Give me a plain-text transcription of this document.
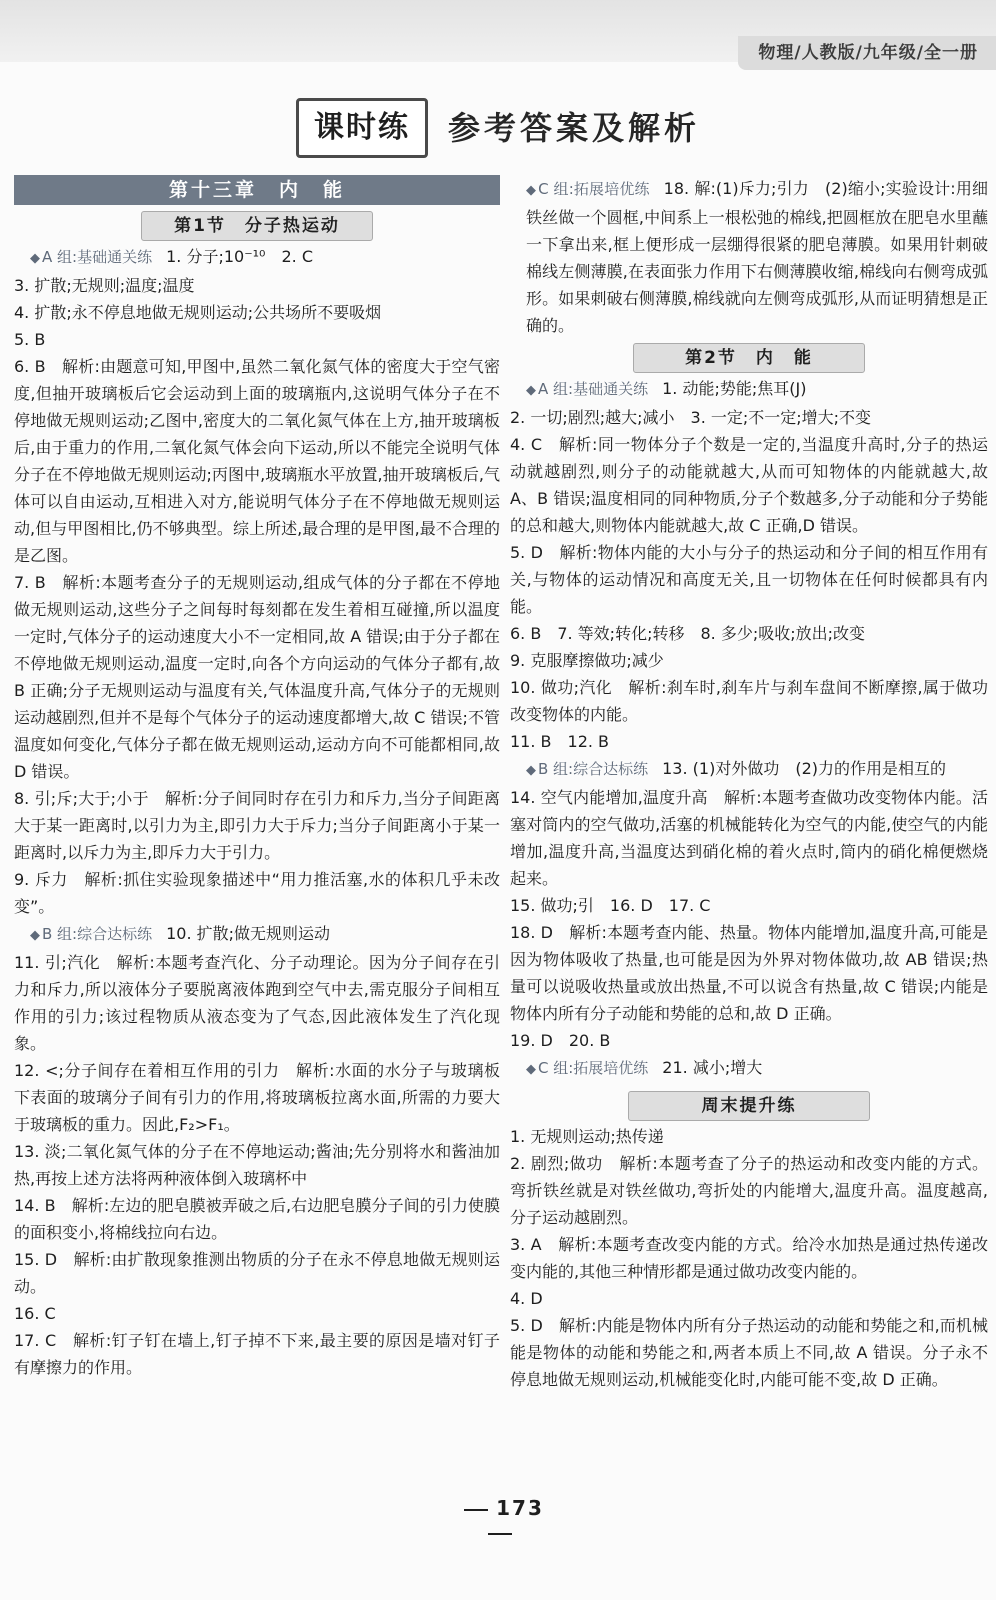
物理/人教版/九年级/全一册
课时练	参考答案及解析
第十三章　内　能
第1节　分子热运动

◆ A 组:基础通关练 1. 分子;10⁻¹⁰　2. C

3. 扩散;无规则;温度;温度

4. 扩散;永不停息地做无规则运动;公共场所不要吸烟

5. B

6. B　解析:由题意可知,甲图中,虽然二氧化氮气体的密度大于空气密度,但抽开玻璃板后它会运动到上面的玻璃瓶内,这说明气体分子在不停地做无规则运动;乙图中,密度大的二氧化氮气体在上方,抽开玻璃板后,由于重力的作用,二氧化氮气体会向下运动,所以不能完全说明气体分子在不停地做无规则运动;丙图中,玻璃瓶水平放置,抽开玻璃板后,气体可以自由运动,互相进入对方,能说明气体分子在不停地做无规则运动,但与甲图相比,仍不够典型。综上所述,最合理的是甲图,最不合理的是乙图。

7. B　解析:本题考查分子的无规则运动,组成气体的分子都在不停地做无规则运动,这些分子之间每时每刻都在发生着相互碰撞,所以温度一定时,气体分子的运动速度大小不一定相同,故 A 错误;由于分子都在不停地做无规则运动,温度一定时,向各个方向运动的气体分子都有,故 B 正确;分子无规则运动与温度有关,气体温度升高,气体分子的无规则运动越剧烈,但并不是每个气体分子的运动速度都增大,故 C 错误;不管温度如何变化,气体分子都在做无规则运动,运动方向不可能都相同,故 D 错误。

8. 引;斥;大于;小于　解析:分子间同时存在引力和斥力,当分子间距离大于某一距离时,以引力为主,即引力大于斥力;当分子间距离小于某一距离时,以斥力为主,即斥力大于引力。

9. 斥力　解析:抓住实验现象描述中“用力推活塞,水的体积几乎未改变”。

◆ B 组:综合达标练 10. 扩散;做无规则运动

11. 引;汽化　解析:本题考查汽化、分子动理论。因为分子间存在引力和斥力,所以液体分子要脱离液体跑到空气中去,需克服分子间相互作用的引力;该过程物质从液态变为了气态,因此液体发生了汽化现象。

12. <;分子间存在着相互作用的引力　解析:水面的水分子与玻璃板下表面的玻璃分子间有引力的作用,将玻璃板拉离水面,所需的力要大于玻璃板的重力。因此,F₂>F₁。

13. 淡;二氧化氮气体的分子在不停地运动;酱油;先分别将水和酱油加热,再按上述方法将两种液体倒入玻璃杯中

14. B　解析:左边的肥皂膜被弄破之后,右边肥皂膜分子间的引力使膜的面积变小,将棉线拉向右边。

15. D　解析:由扩散现象推测出物质的分子在永不停息地做无规则运动。

16. C

17. C　解析:钉子钉在墙上,钉子掉不下来,最主要的原因是墙对钉子有摩擦力的作用。

◆ C 组:拓展培优练 18. 解:(1)斥力;引力　(2)缩小;实验设计:用细铁丝做一个圆框,中间系上一根松弛的棉线,把圆框放在肥皂水里蘸一下拿出来,框上便形成一层绷得很紧的肥皂薄膜。如果用针刺破棉线左侧薄膜,在表面张力作用下右侧薄膜收缩,棉线向右侧弯成弧形。如果刺破右侧薄膜,棉线就向左侧弯成弧形,从而证明猜想是正确的。

第2节　内　能

◆ A 组:基础通关练 1. 动能;势能;焦耳(J)

2. 一切;剧烈;越大;减小　3. 一定;不一定;增大;不变

4. C　解析:同一物体分子个数是一定的,当温度升高时,分子的热运动就越剧烈,则分子的动能就越大,从而可知物体的内能就越大,故 A、B 错误;温度相同的同种物质,分子个数越多,分子动能和分子势能的总和越大,则物体内能就越大,故 C 正确,D 错误。

5. D　解析:物体内能的大小与分子的热运动和分子间的相互作用有关,与物体的运动情况和高度无关,且一切物体在任何时候都具有内能。

6. B　7. 等效;转化;转移　8. 多少;吸收;放出;改变

9. 克服摩擦做功;减少

10. 做功;汽化　解析:刹车时,刹车片与刹车盘间不断摩擦,属于做功改变物体的内能。

11. B　12. B

◆ B 组:综合达标练 13. (1)对外做功　(2)力的作用是相互的

14. 空气内能增加,温度升高　解析:本题考查做功改变物体内能。活塞对筒内的空气做功,活塞的机械能转化为空气的内能,使空气的内能增加,温度升高,当温度达到硝化棉的着火点时,筒内的硝化棉便燃烧起来。

15. 做功;引　16. D　17. C

18. D　解析:本题考查内能、热量。物体内能增加,温度升高,可能是因为物体吸收了热量,也可能是因为外界对物体做功,故 AB 错误;热量可以说吸收热量或放出热量,不可以说含有热量,故 C 错误;内能是物体内所有分子动能和势能的总和,故 D 正确。

19. D　20. B

◆ C 组:拓展培优练 21. 减小;增大

周末提升练

1. 无规则运动;热传递

2. 剧烈;做功　解析:本题考查了分子的热运动和改变内能的方式。弯折铁丝就是对铁丝做功,弯折处的内能增大,温度升高。温度越高,分子运动越剧烈。

3. A　解析:本题考查改变内能的方式。给冷水加热是通过热传递改变内能的,其他三种情形都是通过做功改变内能的。

4. D

5. D　解析:内能是物体内所有分子热运动的动能和势能之和,而机械能是物体的动能和势能之和,两者本质上不同,故 A 错误。分子永不停息地做无规则运动,机械能变化时,内能可能不变,故 D 正确。

173
